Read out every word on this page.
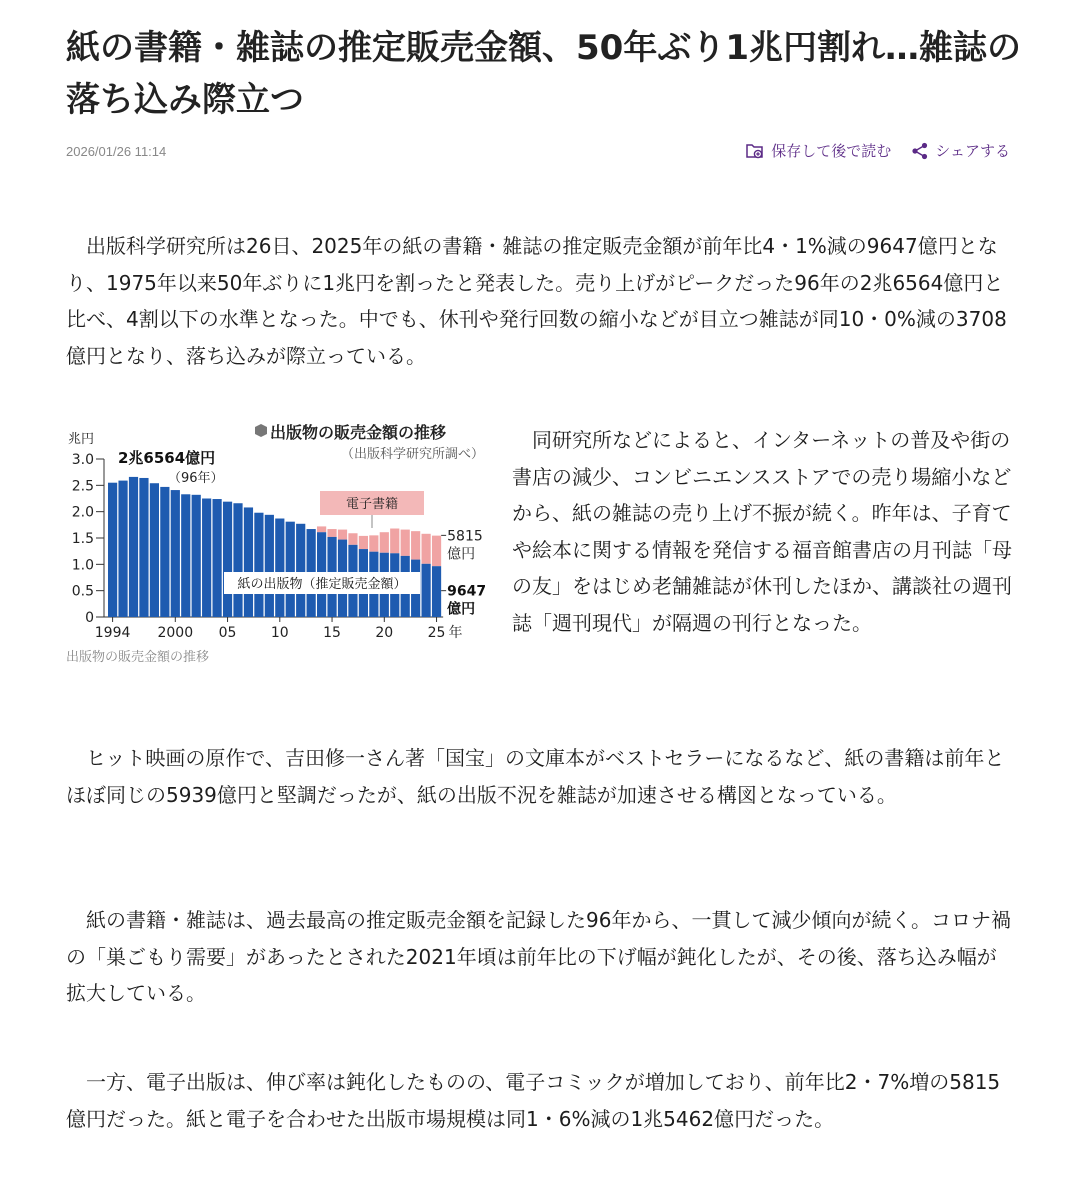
紙の書籍・雑誌の推定販売金額、50年ぶり1兆円割れ…雑誌の落ち込み際立つ
2026/01/26 11:14	保存して後で読む	シェアする

出版科学研究所は26日、2025年の紙の書籍・雑誌の推定販売金額が前年比4・1%減の9647億円となり、1975年以来50年ぶりに1兆円を割ったと発表した。売り上げがピークだった96年の2兆6564億円と比べ、4割以下の水準となった。中でも、休刊や発行回数の縮小などが目立つ雑誌が同10・0%減の3708億円となり、落ち込みが際立っている。

兆円
0
0.5
1.0
1.5
2.0
2.5
3.0
1994 2000 05 10 15 20 25 年
出版物の販売金額の推移
（出版科学研究所調べ）
2兆6564億円
（96年）
電子書籍
5815
億円
9647
億円
紙の出版物（推定販売金額）
出版物の販売金額の推移

同研究所などによると、インターネットの普及や街の書店の減少、コンビニエンスストアでの売り場縮小などから、紙の雑誌の売り上げ不振が続く。昨年は、子育てや絵本に関する情報を発信する福音館書店の月刊誌「母の友」をはじめ老舗雑誌が休刊したほか、講談社の週刊誌「週刊現代」が隔週の刊行となった。

ヒット映画の原作で、吉田修一さん著「国宝」の文庫本がベストセラーになるなど、紙の書籍は前年とほぼ同じの5939億円と堅調だったが、紙の出版不況を雑誌が加速させる構図となっている。

紙の書籍・雑誌は、過去最高の推定販売金額を記録した96年から、一貫して減少傾向が続く。コロナ禍の「巣ごもり需要」があったとされた2021年頃は前年比の下げ幅が鈍化したが、その後、落ち込み幅が拡大している。

一方、電子出版は、伸び率は鈍化したものの、電子コミックが増加しており、前年比2・7%増の5815億円だった。紙と電子を合わせた出版市場規模は同1・6%減の1兆5462億円だった。
